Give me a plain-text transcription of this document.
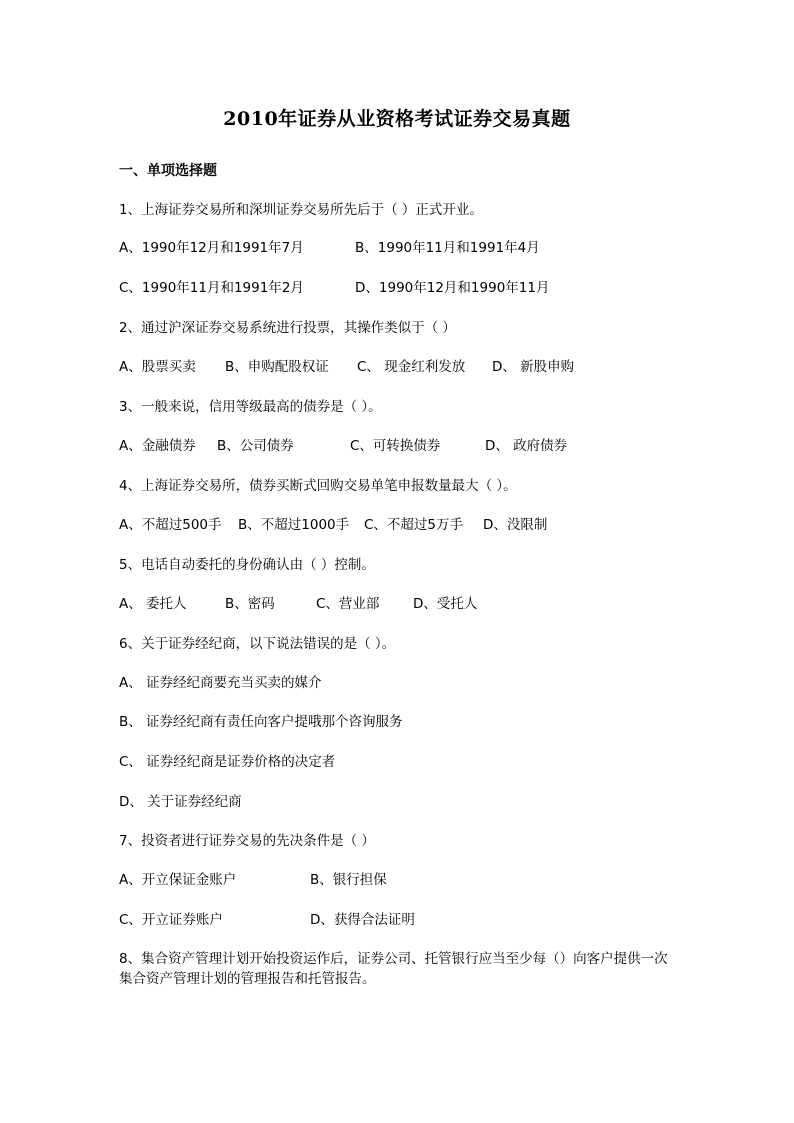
2010年证券从业资格考试证券交易真题
一、单项选择题
1、上海证券交易所和深圳证券交易所先后于（ ）正式开业。
A、1990年12月和1991年7月	B、1990年11月和1991年4月
C、1990年11月和1991年2月	D、1990年12月和1990年11月
2、通过沪深证券交易系统进行投票，其操作类似于（ ）
A、股票买卖 B、申购配股权证 C、 现金红利发放 D、 新股申购
3、一般来说，信用等级最高的债券是（ ）。
A、金融债券 B、公司债券	C、可转换债券	D、 政府债券
4、上海证券交易所，债券买断式回购交易单笔申报数量最大（ ）。
A、不超过500手 B、不超过1000手 C、不超过5万手 D、没限制
5、电话自动委托的身份确认由（ ）控制。
A、 委托人	B、密码	C、营业部 D、受托人
6、关于证券经纪商，以下说法错误的是（ ）。
A、 证券经纪商要充当买卖的媒介
B、 证券经纪商有责任向客户提哦那个咨询服务
C、 证券经纪商是证券价格的决定者
D、 关于证券经纪商
7、投资者进行证券交易的先决条件是（ ）
A、开立保证金账户	B、银行担保
C、开立证券账户	D、获得合法证明
8、集合资产管理计划开始投资运作后，证券公司、托管银行应当至少每（）向客户提供一次集合资产管理计划的管理报告和托管报告。
